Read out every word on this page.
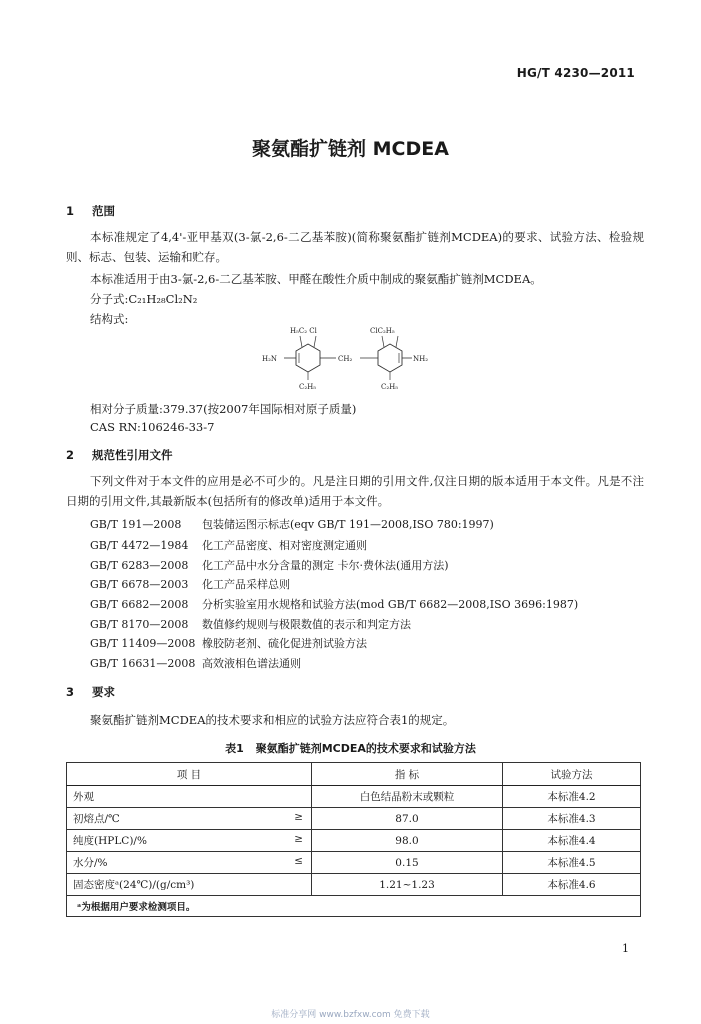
HG/T 4230—2011
聚氨酯扩链剂 MCDEA
1 范围
本标准规定了4,4'-亚甲基双(3-氯-2,6-二乙基苯胺)(简称聚氨酯扩链剂MCDEA)的要求、试验方法、检验规则、标志、包装、运输和贮存。
本标准适用于由3-氯-2,6-二乙基苯胺、甲醛在酸性介质中制成的聚氨酯扩链剂MCDEA。
分子式:C₂₁H₂₈Cl₂N₂
结构式:
H₅C₂ Cl	ClC₂H₅
H₂N	CH₂	NH₂
C₂H₅	C₂H₅
相对分子质量:379.37(按2007年国际相对原子质量)
CAS RN:106246-33-7
2 规范性引用文件
下列文件对于本文件的应用是必不可少的。凡是注日期的引用文件,仅注日期的版本适用于本文件。凡是不注日期的引用文件,其最新版本(包括所有的修改单)适用于本文件。
GB/T 191—2008 包装储运图示标志(eqv GB/T 191—2008,ISO 780:1997)
GB/T 4472—1984 化工产品密度、相对密度测定通则
GB/T 6283—2008 化工产品中水分含量的测定 卡尔·费休法(通用方法)
GB/T 6678—2003 化工产品采样总则
GB/T 6682—2008 分析实验室用水规格和试验方法(mod GB/T 6682—2008,ISO 3696:1987)
GB/T 8170—2008 数值修约规则与极限数值的表示和判定方法
GB/T 11409—2008 橡胶防老剂、硫化促进剂试验方法
GB/T 16631—2008 高效液相色谱法通则
3 要求
聚氨酯扩链剂MCDEA的技术要求和相应的试验方法应符合表1的规定。
表1 聚氨酯扩链剂MCDEA的技术要求和试验方法
项 目	指 标	试验方法
外观	白色结晶粉末或颗粒	本标准4.2
初熔点/℃ ≥	87.0	本标准4.3
纯度(HPLC)/% ≥	98.0	本标准4.4
水分/% ≤	0.15	本标准4.5
固态密度ᵃ(24℃)/(g/cm³)	1.21~1.23	本标准4.6
ᵃ为根据用户要求检测项目。		
1
标准分享网 www.bzfxw.com 免费下载
